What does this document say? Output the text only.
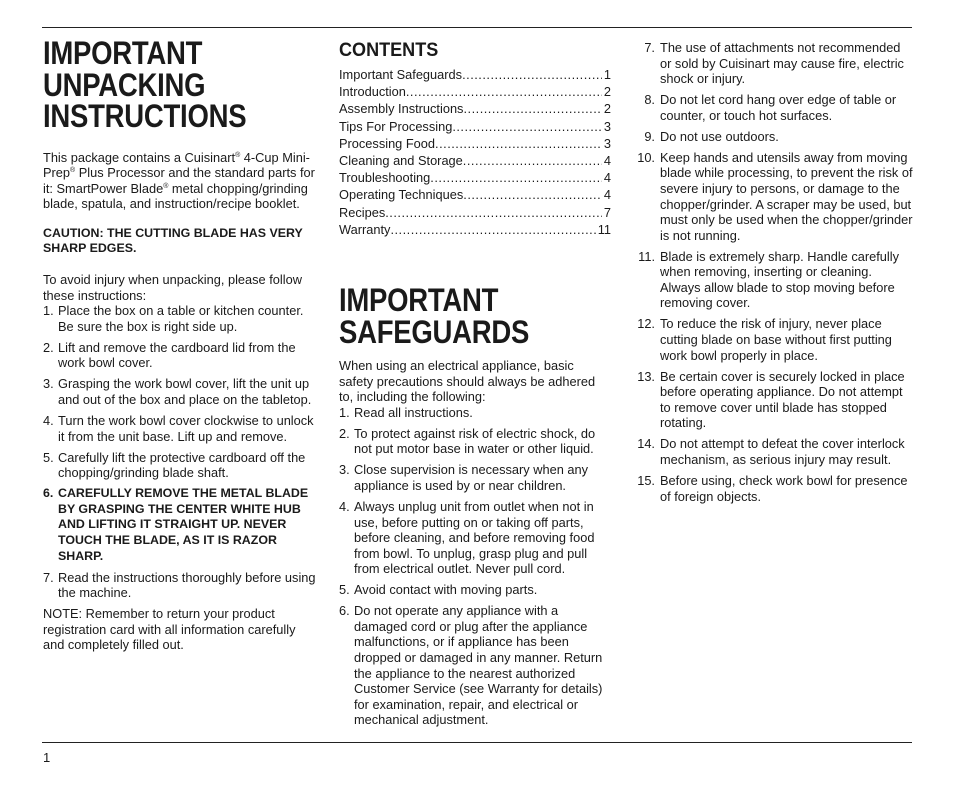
IMPORTANT
UNPACKING
INSTRUCTIONS

This package contains a Cuisinart® 4-Cup Mini-Prep® Plus Processor and the standard parts for it: SmartPower Blade® metal chopping/grinding blade, spatula, and instruction/recipe booklet.

CAUTION: THE CUTTING BLADE HAS VERY SHARP EDGES.

To avoid injury when unpacking, please follow these instructions:

1. Place the box on a table or kitchen counter. Be sure the box is right side up.
2. Lift and remove the cardboard lid from the work bowl cover.
3. Grasping the work bowl cover, lift the unit up and out of the box and place on the tabletop.
4. Turn the work bowl cover clockwise to unlock it from the unit base. Lift up and remove.
5. Carefully lift the protective cardboard off the chopping/grinding blade shaft.
6. CAREFULLY REMOVE THE METAL BLADE BY GRASPING THE CENTER WHITE HUB AND LIFTING IT STRAIGHT UP. NEVER TOUCH THE BLADE, AS IT IS RAZOR SHARP.
7. Read the instructions thoroughly before using the machine.

NOTE: Remember to return your product registration card with all information carefully and completely filled out.

CONTENTS
Important Safeguards .....	1
Introduction .....	2
Assembly Instructions .....	2
Tips For Processing .....	3
Processing Food .....	3
Cleaning and Storage .....	4
Troubleshooting .....	4
Operating Techniques .....	4
Recipes .....	7
Warranty .....	11
IMPORTANT
SAFEGUARDS

When using an electrical appliance, basic safety precautions should always be adhered to, including the following:

1. Read all instructions.
2. To protect against risk of electric shock, do not put motor base in water or other liquid.
3. Close supervision is necessary when any appliance is used by or near children.
4. Always unplug unit from outlet when not in use, before putting on or taking off parts, before cleaning, and before removing food from bowl. To unplug, grasp plug and pull from electrical outlet. Never pull cord.
5. Avoid contact with moving parts.
6. Do not operate any appliance with a damaged cord or plug after the appliance malfunctions, or if appliance has been dropped or damaged in any manner. Return the appliance to the nearest authorized Customer Service (see Warranty for details) for examination, repair, and electrical or mechanical adjustment.
7. The use of attachments not recommended or sold by Cuisinart may cause fire, electric shock or injury.
8. Do not let cord hang over edge of table or counter, or touch hot surfaces.
9. Do not use outdoors.
10. Keep hands and utensils away from moving blade while processing, to prevent the risk of severe injury to persons, or damage to the chopper/grinder. A scraper may be used, but must only be used when the chopper/grinder is not running.
11. Blade is extremely sharp. Handle carefully when removing, inserting or cleaning. Always allow blade to stop moving before removing cover.
12. To reduce the risk of injury, never place cutting blade on base without first putting work bowl properly in place.
13. Be certain cover is securely locked in place before operating appliance. Do not attempt to remove cover until blade has stopped rotating.
14. Do not attempt to defeat the cover interlock mechanism, as serious injury may result.
15. Before using, check work bowl for presence of foreign objects.
1
